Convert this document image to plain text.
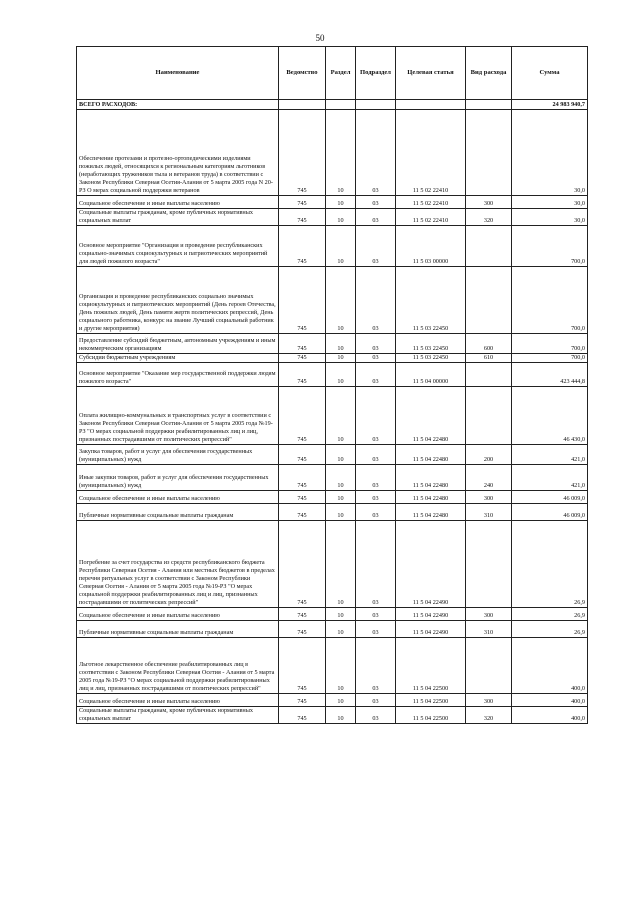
50
Наименование	Ведомство	Раздел	Подраздел	Целевая статья	Вид расхода	Сумма
ВСЕГО РАСХОДОВ:						24 983 940,7
Обеспечение протезами и протезно-ортопедическими изделиями пожилых людей, относящихся к региональным категориям льготников (неработающих тружеников тыла и ветеранов труда) в соответствии с Законом Республики Северная Осетия-Алания от 5 марта 2005 года N 20-РЗ О мерах социальной поддержки ветеранов	745	10	03	11 5 02 22410		30,0
Социальное обеспечение и иные выплаты населению	745	10	03	11 5 02 22410	300	30,0
Социальные выплаты гражданам, кроме публичных нормативных социальных выплат	745	10	03	11 5 02 22410	320	30,0
Основное мероприятие "Организация и проведение республиканских социально-значимых социокультурных и патриотических мероприятий для людей пожилого возраста"	745	10	03	11 5 03 00000		700,0
Организация и проведение республиканских социально значимых социокультурных и патриотических мероприятий (День героев Отечества, День пожилых людей, День памяти жертв политических репрессий, День социального работника, конкурс на звание Лучший социальный работник и другие мероприятия)	745	10	03	11 5 03 22450		700,0
Предоставление субсидий бюджетным, автономным учреждениям и иным некоммерческим организациям	745	10	03	11 5 03 22450	600	700,0
Субсидии бюджетным учреждениям	745	10	03	11 5 03 22450	610	700,0
Основное мероприятие "Оказание мер государственной поддержки людям пожилого возраста"	745	10	03	11 5 04 00000		423 444,8
Оплата жилищно-коммунальных и транспортных услуг в соответствии с Законом Республики Северная Осетия-Алания от 5 марта 2005 года №19-РЗ "О мерах социальной поддержки реабилитированных лиц и лиц, признанных пострадавшими от политических репрессий"	745	10	03	11 5 04 22480		46 430,0
Закупка товаров, работ и услуг для обеспечения государственных (муниципальных) нужд	745	10	03	11 5 04 22480	200	421,0
Иные закупки товаров, работ и услуг для обеспечения государственных (муниципальных) нужд	745	10	03	11 5 04 22480	240	421,0
Социальное обеспечение и иные выплаты населению	745	10	03	11 5 04 22480	300	46 009,0
Публичные нормативные социальные выплаты гражданам	745	10	03	11 5 04 22480	310	46 009,0
Погребение за счет государства из средств республиканского бюджета Республики Северная Осетия - Алания или местных бюджетов в пределах перечня ритуальных услуг в соответствии с Законом Республики Северная Осетия - Алания от 5 марта 2005 года №19-РЗ "О мерах социальной поддержки реабилитированных лиц и лиц, признанных пострадавшими от политических репрессий"	745	10	03	11 5 04 22490		26,9
Социальное обеспечение и иные выплаты населению	745	10	03	11 5 04 22490	300	26,9
Публичные нормативные социальные выплаты гражданам	745	10	03	11 5 04 22490	310	26,9
Льготное лекарственное обеспечение реабилитированных лиц в соответствии с Законом Республики Северная Осетия - Алания от 5 марта 2005 года №19-РЗ "О мерах социальной поддержки реабилитированных лиц и лиц, признанных пострадавшими от политических репрессий"	745	10	03	11 5 04 22500		400,0
Социальное обеспечение и иные выплаты населению	745	10	03	11 5 04 22500	300	400,0
Социальные выплаты гражданам, кроме публичных нормативных социальных выплат	745	10	03	11 5 04 22500	320	400,0
